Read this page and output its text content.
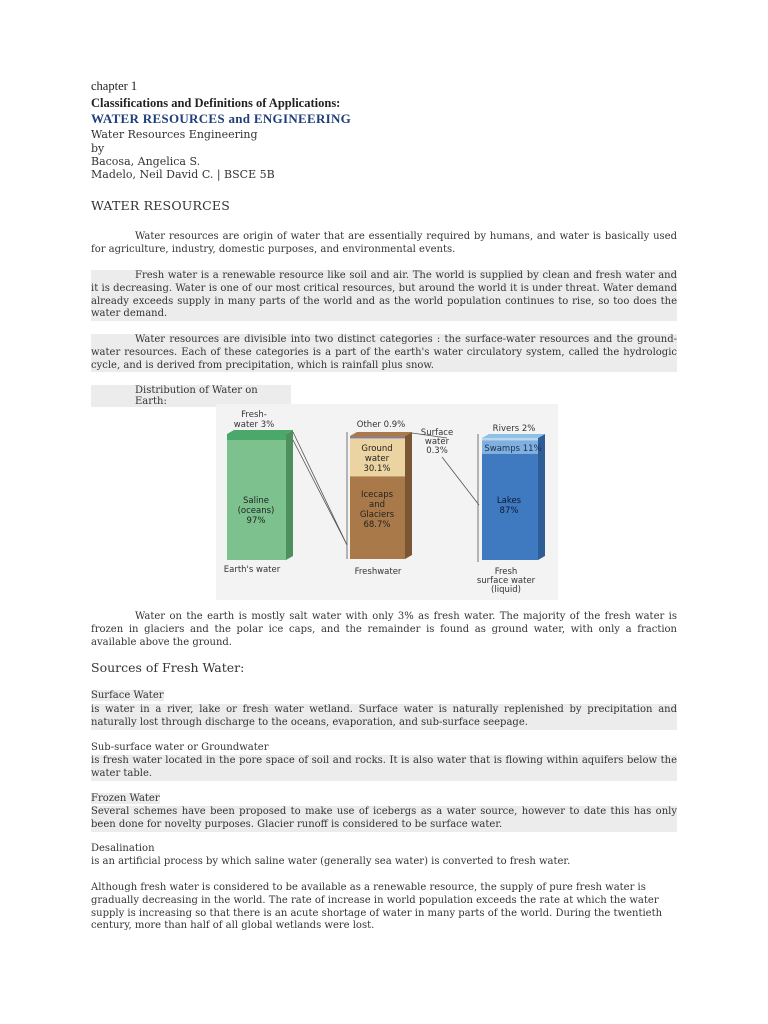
chapter 1
Classifications and Definitions of Applications:
WATER RESOURCES and ENGINEERING
Water Resources Engineering
by
Bacosa, Angelica S.
Madelo, Neil David C. | BSCE 5B
WATER RESOURCES

Water resources are origin of water that are essentially required by humans, and water is basically used for agriculture, industry, domestic purposes, and environmental events.

Fresh water is a renewable resource like soil and air. The world is supplied by clean and fresh water and it is decreasing. Water is one of our most critical resources, but around the world it is under threat. Water demand already exceeds supply in many parts of the world and as the world population continues to rise, so too does the water demand.

Water resources are divisible into two distinct categories : the surface-water resources and the ground-water resources. Each of these categories is a part of the earth's water circulatory system, called the hydrologic cycle, and is derived from precipitation, which is rainfall plus snow.

Distribution of Water on Earth:
Fresh-
water 3%
Saline
(oceans)
97%
Earth's water
Other 0.9%
Surface
water
0.3%
Ground
water
30.1%
Icecaps
and
Glaciers
68.7%
Freshwater
Rivers 2%
Swamps 11%
Lakes
87%
Fresh
surface water
(liquid)

Water on the earth is mostly salt water with only 3% as fresh water. The majority of the fresh water is frozen in glaciers and the polar ice caps, and the remainder is found as ground water, with only a fraction available above the ground.

Sources of Fresh Water:
Surface Water

is water in a river, lake or fresh water wetland. Surface water is naturally replenished by precipitation and naturally lost through discharge to the oceans, evaporation, and sub-surface seepage.

Sub-surface water or Groundwater

is fresh water located in the pore space of soil and rocks. It is also water that is flowing within aquifers below the water table.

Frozen Water

Several schemes have been proposed to make use of icebergs as a water source, however to date this has only been done for novelty purposes. Glacier runoff is considered to be surface water.

Desalination

is an artificial process by which saline water (generally sea water) is converted to fresh water.

Although fresh water is considered to be available as a renewable resource, the supply of pure fresh water is gradually decreasing in the world. The rate of increase in world population exceeds the rate at which the water supply is increasing so that there is an acute shortage of water in many parts of the world. During the twentieth century, more than half of all global wetlands were lost.
